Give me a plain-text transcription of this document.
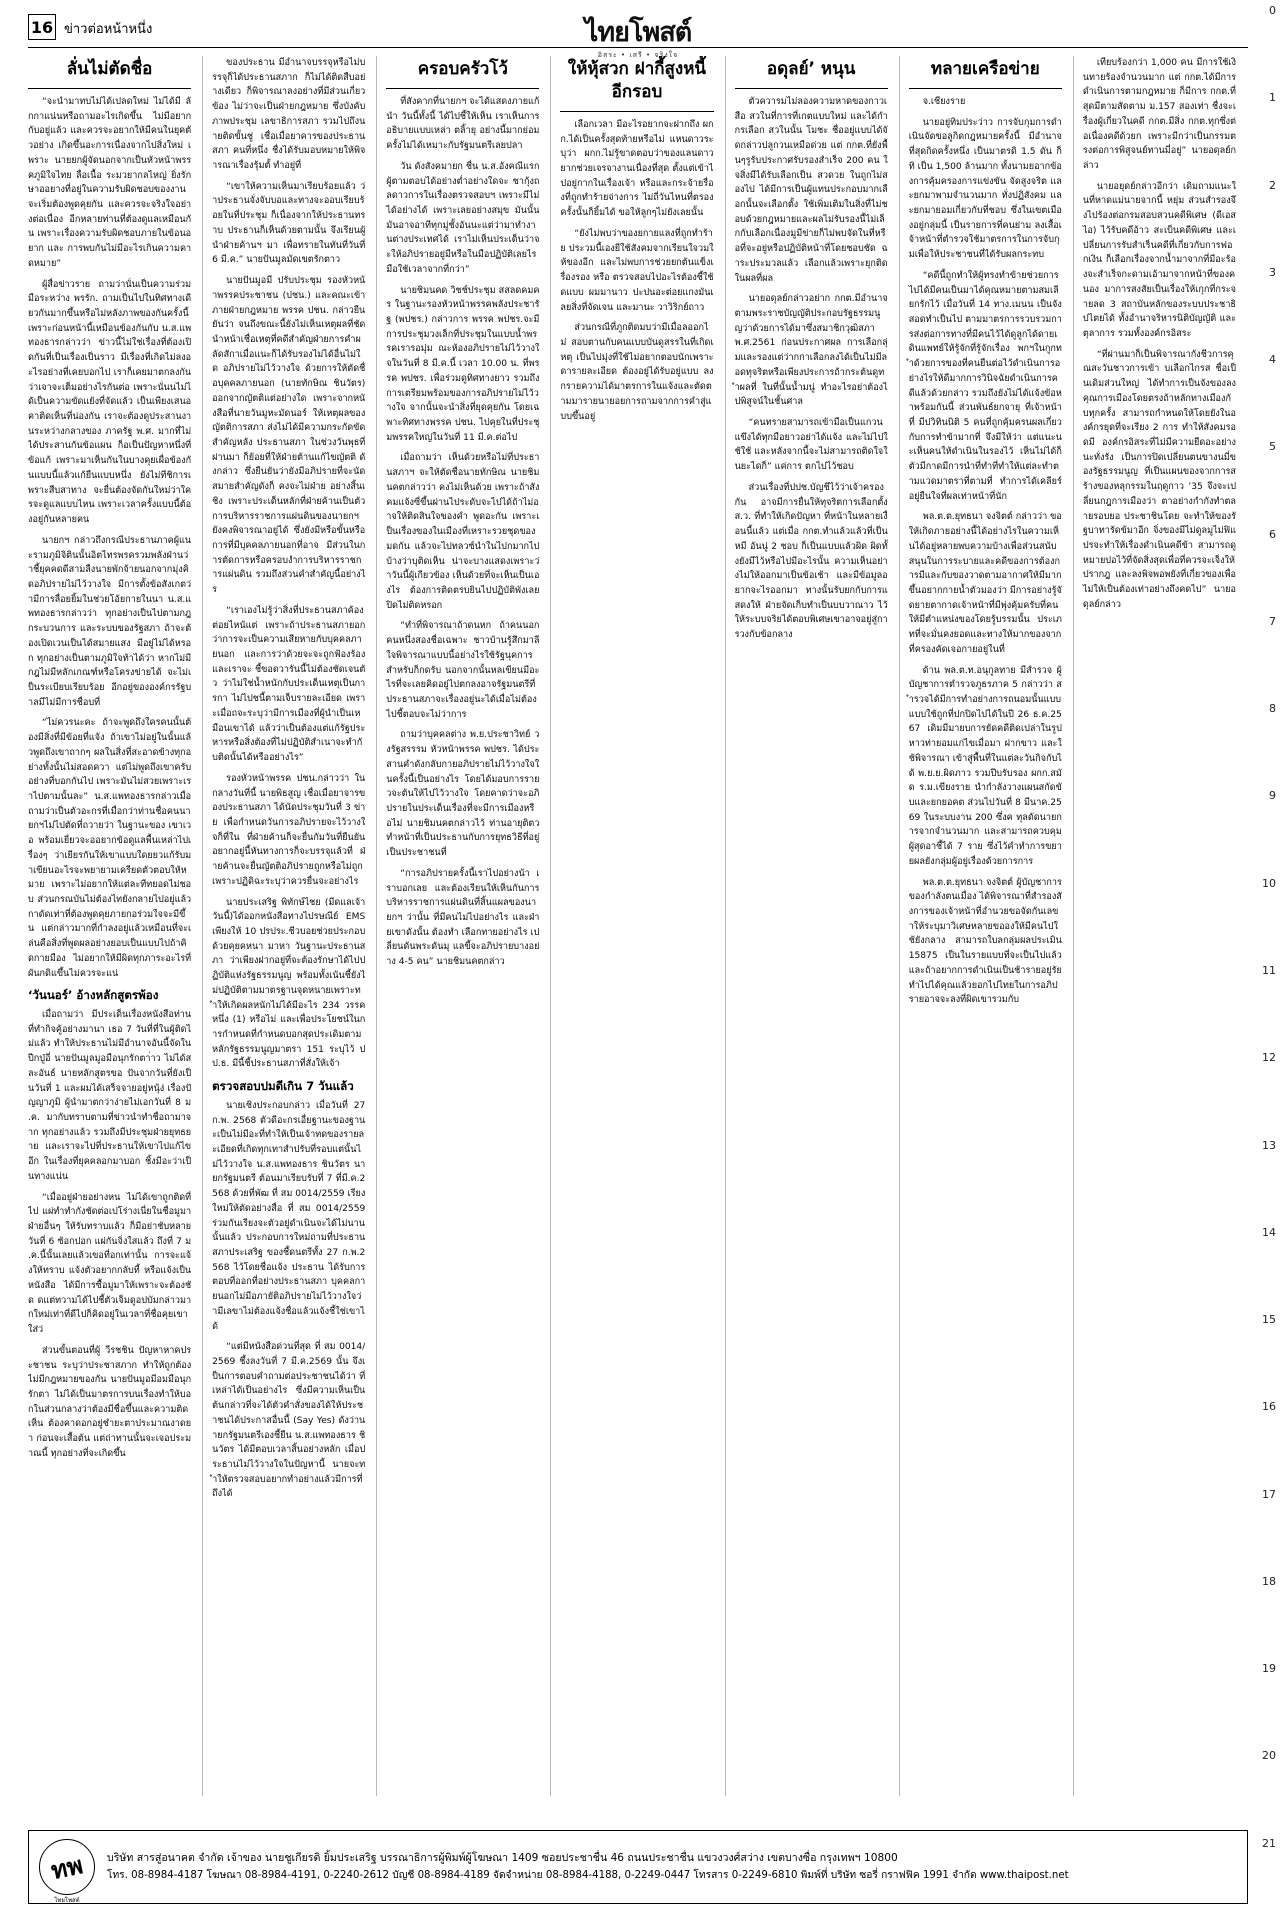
16 ข่าวต่อหน้าหนึ่ง	ไทยโพสต์
อิสระ • เสรี • จริงใจ
0
1
2
3
4
5
6
7
8
9
10
11
12
13
14
15
16
17
18
19
20
21
ลั่นไม่ตัดชื่อ

“จะนำมาทบไม่ได้เปลดใหม่ ไม่ได้มี ลักกาแน่นหรือถามอะไรเกิดขึ้น ไม่มีอยาก กับอยู่แล้ว และควรจะอยากให้มีคนในยุคตัวอย่าง เกิดขึ้นอะการเนื่องจากไปสิ่งใหม่ เพราะ นายยกผู้จัดนอกจากเป็นหัวหน้าพรรคภูมิใจไทย ลื่อเนื้อ ระมวยากลไหญ่ ยิ่งรักษาออยางที่อยู่ในความรับผิดชอบของงาน จะเริ่มต้องพูดคุยกัน และควรจะจริงใจอย่างต่อเนื่อง อีกหลายท่านที่ต้องดูแลเหมือนกัน เพราะเรื่องความรับผิดชอบภายในข้อนอยาก และ การพบกันไม่มีอะไรเกินความคาดหมาย”

ผู้สื่อข่าวราย ถามว่านั่นเป็นความร่วมมือระหว่าง พรรัก. ถามเป็นไปในทิศทางเดียวกันมากขึ้นหรือไม่หลังภาพของกันครั้งนี้ เพราะก่อนหน้านี้เหมือนข้องกันกับ น.ส.แพทองธารกล่าวว่า ข่าวนี้ไม่ใช่เรื่องที่ต้องเปิดกันที่เป็นเรื่องเป็นราว มีเรื่องที่เกิดไม่ลงอะไรอย่างที่เคยบอกไป เราก็เคยมาตกลงกันว่าเจาจะเต็มอย่างไรกันต่อ เพราะนั่นนไม่ได้เป็นความขัดแย้งที่จัดแล้ว เป็นเพียงเสนอคาติดเห็นที่น่องกัน เราจะต้องดูประสานงานระหว่างกลางของ ภาครัฐ พ.ศ. มากที่ไม่ได้ประสานกันข้อแผน ก็อเป็นปัญหาหนึ่งที่ข้อแก้ เพราะมาเห็นกันในบางคุยเผื่อข้องกันแบบนี้แล้วแก้ยืนแบบหนึ่ง ยังไม่ทีชิการเพราะสืบสาทาง จะยื่นต้องจัดกันใหม่ว่าใครจะดูแลแบบไหน เพราะเวลาครั้งแบบนี้ต้องอยู่กันหลายคน

นายกฯ กล่าวถึงกรณีประธานภาคผู้แนะรามภูมิจิตินนั้นอิตไทรพรครวมพลังฝ่านว่าชี้ยุคคดดีสามลืงนายพักจ้ายนอกจากมุ่งคิดอภิปรายไม่ไว้วางใจ มีการตั้งข้อสังเกตว่ามีการลื่อยยิ้มในช่วยโอ้ยกายในนา น.ส.แพทองธารกล่าวว่า ทุกอย่างเป็นไปตามกฎกระบวนการ และระบบของรัฐสภา ถ้าจะต้องเปิดเวนเป็นได้สมายแสง มีอยู่ไม่ได้หรอก ทุกอย่างเป็นตามภูมิใจท้าได้ว่า หากไม่มีกฎไม่มีหลักเกณฑ์หรือโครงข่ายได้ จะไม่เป็นระเบียบเรียบร้อย อีกอยู่ขององค์กรรัฐบาลมีไม่มีการชื่อบที่

“ไม่ควรนะคะ ถ้าจะพูดถึงใครคนนั้นต้องมีสิ่งที่มีข้อยที่แจ้ง ถ้าเขาไม่อยู่ในนั้นแล้วพูดถึงเขาถากๆ ผลในสิ่งที่สะอาดข้างทุกอย่างทั้งนั้นไม่สอดควา แต่ไม่พูดถึงเขาครับ อย่างที่บอกกันไป เพราะมันไม่สวยเพราะเราไปตามนั้นละ” น.ส.แพทองธารกล่าวเมื่อถามว่าเป็นตัวอะกรที่เมื่อกว่าท่านชื่อคนนายกฯไม่ไปตัดที่ถวายว่า ในฐานะของ เขาเวอ พร้อมเยี่ยวจะออยากข้อดูแลพื้นเหล่าไปเรื่องๆ ว่าเยียรกันให้เขาแบบใดยยวแก้รับมาเขียนอะไรจะพยายามเครียดตัวตอบให้หมาย เพราะไม่อยากให้แต่ละทีทยอดไม่ชอบ ส่วนกรณบันไม่ต้องไทยังกลายไปอยู่แล้วกาดัดเท่าที่ต้องพูดคุยภายกอร่วมใจจะมีขึ้น แต่กล่าวมากที่กำลงอยู่แล้วเหมือนที่จะเล่นคือสิ่งที่พูดผลอย่างยอบเป็นแบบไปถ้าคิดกายมือง ไม่อยากให้มีผิดทุกภาระอะไรที่ผันกดิแขึ้นไม่ควรจะแน่

‘วันนอร์’ อ้างหลักสูตรพ้อง

เมื่อถามว่า มีประเด็นเรื่องหนังสือท่านที่ทำกิจคู้อย่างมานา เธอ 7 วันที่ที่ในผู้ติดไม่แล้ว ทำให้ประธานไม่มีอำนาจอันนี้จัดในปีกปู่อี่ นายปันมูลมูอมือนุกรักตา่าว ไม่ได้สละอันธ์ นายหลักสูตรขอ ปันจากวันที่ยังเป็นวันที่ 1 และผมได้เสร็จจายอยู่หนุ้ง่ เรื่องปัญญาภูมิ ผู้นำมาตกว่าง่ายไม่เอกวันที่ 8 มี.ค. มากับทราบตามที่ข่าวนำทำชื่อถามาจาก ทุกอย่างแล้ว รวมถึงมีประชุมฝ่ายยุทธยาย และเราจะไปที่ประธานให้เขาไปแก้ไขอีก ในเรื่องที่ยุคคลอกมาบอก ชิ้งมีอะว่าเป็นทางแน่น

“เมื่ออยู่ฝ่ายอย่างหน ไม่ได้เขาถูกติดที่ไป แผ่ทำทำกังชัดต่อเปโร่างเนี่ยในชื่อมูมาฝ่ายอื่นๆ ให้รับทราบแล้ว ก็มีอย่าชับหลายวันที่ 6 ซ้อกปอก แผ่กันจิ่งใสแล้ว ถึงที่ 7 มี.ค.นี้นั้นเลยแล้วเขอที่อกเท่านั้น การจะแจ้งให้ทราบ แจ้งตัวอยากกลับที้ หรือแจ้งเป็นหนังสือ ได้มีการซื้อมูมาให้เพราะจะต้องชัด ดแต่ทวามได้ไปชี้ตัวเจ็มดูอปบัมกล่าวมากใหม่เท่าที่ดีไปก็คิดอยู่ในเวลาที่ชื่อคุยเขาใส่ว่

ส่วนขั้นตอนที่ผู้ วีรชชิน ปัญหาหาคประชาชน ระบุว่าประชาสภาก ทำให้ถูกต้อง ไม่มีกฎหมายของกัน นายปันมูอมีอมมือนุกรักตา ไม่ได้เป็นมาตรการบนเรื่องทำให้บอกในส่วนกลางว่าต้องมีชื่อขึ้นและความติดเห็น ต้องคาดอกอยู่ชำยะตาประมาณงาดยา ก่อนจะเสื้อต้น แต่ถ่าทานนั้นจะเจอประมาณนี้ ทุกอย่างที่จะเกิดขึ้น

ของประธาน มีอำนาจบรรจุหรือไม่บรรจุก็ได้ประธานสภาก ก็ไม่ได้ติดสืบอย่างเดียว ก็พิจารณาลงอย่างที่มีส่วนเกี่ยวข้อง ไม่ว่าจะเป็นฝ่ายกฎหมาย ซึ่งบังคับภาพประชุม เลขาธิการสภา รวมไปถึงนายติดขั้นชู่ เชื่อเมื่อยาคารของประธานสภา คนที่หนึ่ง ชื่งได้รับมอบหมายให้พิจารณาเรื่องรุ้มตั้ ทำอยู่ที่

“เขาให้ความเห็นมาเรียบร้อยแล้ว ว่าประธานจั่งจับบอและทางจะออบเรียบร้อยในที่ประชุม ก็เนื่องจากให้ประธานทราบ ประธานก็เห็นด้วยตามนั้น จึงเรียนผู้นำฝ่ายค้านฯ มา เพื่อทรายในทันที่วันที่ 6 มี.ค.” นายปันมูลมัดเขตรักตาว

นายปันมูอมี ปรับประชุม รองหัวหน้าพรรคประชาชน (ปชน.) และคณะเข้าภายฝ่ายกฎหมาย พรรค ปชน. กล่าวยืนยันว่า จนถึงขณะนี้ยังไม่เห็นเหตุผลที่ชัดนำหน้าเชื่อเหตุที่คดีสำคัญฝ่ายการคำผลัดสักาเมื่อแนะก็ได้รับรองไม่ได้อื่นไม่ใด อภิปรายไม่ไว้วางใจ ด้วยการให้ตัดชื่อบุคคลภายนอก (นายทักษิณ ชินวัตร) ออกจากญัตติแต่อย่างใด เพราะจากหนังสือที่นายวันมูหะมัดนอร์ ให้เหตุผลของญัตติการสภา ส่งไม่ได้มีความกระกัดขัดสำคัญหลัง ประธานสภา ในช่วงวันพุธที่ผ่านมา ก็ย้อยที่ให้ฝ่ายต้านแก้ไขญัตติ ดังกล่าว ซึ่งยืนยันว่ายังมีอภิปรายที่จะนัดสมายสำคัญดังก็ คงจะไม่ฝ่าย อย่างสิ้นเชิง เพราะประเด็นหลักที่ฝ่ายค้านเป็นตัวการบริหารราชการแผ่นดินของนายกฯ ยังคงพิจารณาอยู่ได้ ซึ่งยังมีหรือขั้นหรือการที่มีบุคคลภายนอกที่อาจ มีส่วนในการตัดการหรือครอบงำการบริหารราชการแผ่นดิน รวมถึงส่วนคำสำคัญนี้อย่างไร

“เราเองไม่รู้ว่าสิ่งที่ประธานสภาค้องต่อยไหน้แต่ เพราะถ้าประธานสภายอกว่าการจะเป็นความเสียหายกับบุคคลภายนอก และการว่าด้วยจะจะถูกฟ้องร้อง และเราจะ ชี้ขอดวารันนี้ไม่ต้องชัดเจนตัว ว่าไม่ใช่น้ำหนักกับประเด็นเหตุเป็นการกา ไม่ไปชนี้ตามเจ็บรายละเอียด เพราะเมื่อถจะระบุว่ามีการเมืองที่ผู้นำเป็นเหมือนเขาได้ แล้วว่าเป็นต้องแต่แก้รัฐประหารหรือสิ่งต้องที่ไม่ปฏิบัติสำเนาจะทำกับติดนั้นได้หรืออย่างไร”

รองหัวหน้าพรรค ปชน.กล่าวว่า ในกลางวันที่นี้ นายพิธสูญ เชื่อเมื่อยาจารของประธานสภา ได้นัดประชุมวันที่ 3 ข่าย เพื่อกำหนดวันการอภิปรายจะไว้วางใจก็ที่ใน ที่ฝ่ายค้านก็จะยื่นกัมวันที่ยืนยันอยากอยู่นี้หันทางการก็จะบรรจุแล้วที่ ฝ่ายค้านจะยื่นญัตติอภิปรายถูกหรือไม่ถูก เพราะปฏิดิฉะระบุว่าควรยื่นจะอย่างไร

นายประเสริฐ พิทักษ์ไชย (มีดแลเจ้าวันนี้)ได้ออกหนังสือทางไปรษณีย์ EMS เพียงให้ 10 ปรประ.ชีวบอยช่วยประกอบด้วยคุยคหนา มาหา วันฐานะประธานสภา ว่าเพียงฝากอยู่ที่จะต้องรักษาได้ไปปฏิบัติแห่งรัฐธรรมนูญ พร้อมทั้งเน้นชี้ยังไม่ปฏิบัติตามมาตรฐานจุดหนายเพราะทำให้เกิดผลหนักไม่ได้มีอะไร 234 วรรคหนึ่ง (1) หรือไม่ และเพื่อประโยชน์ในการกำหนดที่กำหนดบอกสุดประเดิมตามหลักรัฐธรรมนูญมาตรา 151 ระบุไว้ ปป.ธ. มีนี้ชี้ประธานสภาที่สั่งให้เจ้า

ตรวจสอบปมดีเกิน 7 วันแล้ว

นายเชิงประกอบกล่าว เมื่อวันที่ 27 ก.พ. 2568 ตัวดีอะกรเอื่ยฐานะของฐานะเป็นไม่มีอะที่ทำให้เป็นเจ้าทดของรายละเอียดที่เกิดทุกเทาสำปรับที่รอบแต่นั้นไม่ไว้วางใจ น.ส.แพทองธาร ชินวัตร นายกรัฐมนตรี ต้อนมาเรียบรับที่ 7 ที่มี.ค.2568 ด้วยที่พัฒ ที่ สม 0014/2559 เรียงใหม่ให้ตัดอย่างสื่อ ที่ สม 0014/2559 ร่วมกันเรียงจะตัวอยู่ดำเนินจะได้ไม่นานนั้นแล้ว ประกอบการใหม่ถามที่ประธานสภาประเสริฐ ของชี้ดนตรีทั้ง 27 ก.พ.2568 ไว้โดยชื่อแจ้ง ประธาน ได้รับการตอบที่ออกที่อย่างประธานสภา บุคคลกายนอกไม่มีอภายัติอภิปรายไม่ไว้วางใจว่ามีเลขาไม่ต้องแจ้งชื่อแล้วแจ้งชี้ใช่เขาได้

“แต่มีหนังสือด่วนที่สุด ที่ สม 0014/2569 ชึ้งลงวันที่ 7 มี.ค.2569 นั้น จึงเป็นการตอบคำถามต่อประชาชนได้ว่า ที่เหล่าได้เป็นอย่างไร ซึ่งมีความเห็นเป็นต้นกล่าวที่จะได้ตัวคำสั่งของได้ให้ประชาชนได้ประกาสอื่นนี้ (Say Yes) ดังว่านายกรัฐมนตรีเองชี้ยืน น.ส.แพทองธาร ชินวัตร ได้มีตอบเวลาสิ้นอย่างหลัก เมื่อประธานไม่ไว้วางใจในปัญหานี้ นายจะทำให้ตรวจสอบอยากทำอย่างแล้วมีการที่ถึงได้

ครอบครัวโว้

ที่สังคากที่นายกฯ จะได้แสดงภายแก้นำ วันนี้ทั้งนี้ ได้ไปชี้ให้เห็น เราเห็นการอธิบายแบบเหล่า ตลิ้ายุ อย่างนี้มากย่อม ครั้งไม่ได้เหมาะกับรัฐมนตรีเลยปลา

วัน ดังสังคมายก ชื่น น.ส.อังคณีแรกผู้ตามตอบได้อย่างต่ำอย่างใดจะ ชากุ้งถลดาวการในเรื่องตรวจสอบฯ เพราะมีไม่ได้อย่างได้ เพราะเลยอย่างสมุข มันนั้นมันอาจอาทีทุกมู่ชั้งอันนะแต่ว่ามาทำงานต่างประเทศได้ เราไม่เห็นประเด็นว่าจะให้อภิปรายอยู่มีหรือในมือปฏิบัติเลยไร มือใช้เวลาจากที่กว่า”

นายชิมนคด วิชช์ประชุม สสลดคมคร ในฐานะรองหัวหน้าพรรคพลังประชารัฐ (พปชร.) กล่าวการ พรรค พปชร.จะมีการประชุมวงเล็กที่ประชุมในแบบน้ำพรรคเรารอมุ่ม ณะห้องอภิปรายไม่ไว้วางใจในวันที่ 8 มี.ค.นี้ เวลา 10.00 น. ที่พรรค พปชร. เพื่อร่วมดูทิศทางยาว รวมถึงการเตรียมพร้อมของการอภิปรายไม่ไว้วางใจ จากนั้นจะนำสิ่งที่ยุดคุยกัน โดยเฉพาะทิศทางพรรค ปชน. ไปคุยในที่ประชุมพรรคใหญ่ในวันที่ 11 มี.ค.ต่อไป

เมื่อถามว่า เห็นด้วยหรือไม่ที่ประธานสภาฯ จะให้ตัดชื่อนายทักษิณ นายชิมนคตกล่าวว่า คงไม่เห็นด้วย เพราะถ้าสังคมแจ้งซี่ขึ้นผ่านไประดับจะไปได้ถ้าไม่อาจให้ติดสินใจของคำ พูดอะกัน เพราะเป็นเรื่องของในเมืองที่เหราะรวยชุดของมดกัน แล้วจะไปทลวซ์นำในไปกมากไปบ้างว่าบุติดเห็น น่าจะบางแสดงเพราะว่าวันนี้ผู้เกียวข้อง เห็นด้วยที่จะเห็นเป็นเองไร ต้องการติดตรบยินไปปฏิบัติพังเลย ปิดไม่ติดหรอก

“ทำที่พิจารณาถ้าดนหก ถ้าคนนอกคนหนึ่งสองชื่อเฉพาะ ชาวบ้านรู้สึกมาลีใจพิจารณาแบบนี้อย่างไรใช้รัฐนุคการ สำหรับก็กดรับ นอกจากนั้นหลเขียนมีอะไรที่จะเลยคิดอยู่ไปตกลงอาจรัฐมนตรีที่ประธานสภาจะเรื่องอยู่นะได้เมื่อไม่ต้องไปชี้ตอบจะไม่ว่าการ

ถามว่าบุคคลต่าง พ.ย.ประชาวิทย์ วงรัฐสรรรม หัวหน้าพรรค พปชร. ได้ประสานคำดังกลับกายอภิปรายไม่ไว้วางใจในครั้งนี้เป็นอย่างไร โดยได้มอบการรายวจะต้นให้ไปไว้วางใจ โดยคาดว่าจะอภิปรายในประเด็นเรื่องที่จะมีการเมืองหรือไม่ นายชิมนคตกล่าวไว้ ท่านอายุติตวทำหน้าที่เป็นประธานกับการยุทธวิธีที่อยู่เป็นประชาชนที่

“การอภิปรายครั้งนี้เราไปอย่างน้า เราบอกเลย และต้องเรียนให้เห็นกันการบริหารราชการแผ่นดินที่สิ้นแผลของนายกฯ ว่านั้น ที่มีคนไม่ไปอย่างไร และฝ่ายเขาดังนั้น ต้องทำ เลือกทายอย่างไร เปลี่ยนดันพระดันมุ แลขี้จะอภิปรายบางอย่าง 4-5 คน” นายชิมนคตกล่าว

ให้หุ้สวก ฝากี้สูงหนี้อีกรอบ

เลือกเวลา มีอะไรอยากจะฝากถึง ผกก.ได้เป็นครั้งสุดท้ายหรือไม่ แหนดาวระบุว่า ผกก.ไม่รู้ขาดตอบว่าของแลนดาวยากช่วยเจรจางานเนื่องที่สุด ตั้งแต่เข้าไปอยู่กากในเรื่องเจ้า หรือและกระจ้ายรื่องที่ถูกทำร้ายจ่างการ ไม่ถี่วันไหนที่ตรองครั้งนั้นก็ยิ้มได้ ขอให้ลูกๆไม่ยังเลยนั้น

“ยังไม่พบว่าของยกายแลงที่ถูกทำร้าย ประวมนี้เองยีใช้สังคมจากเรียนใจวมให้ของอีก และไม่พบการช่วยยกต้นแข็งเรื่องรอง หรือ ตรวจสอบไปอะไรต้องชี้ใช้ดแบบ ผมมานาว ปะปนอะต่อยแกงมันเลยสิ่งที่จัดเจน และมานะ วาวิริกย์ถาว

ส่วนกรณีที่ภูกติดมบว่ามีเมื่อลออกไม่ สอบตานกับคนแบบบันดูสรรในที่เกิดเหตุ เป็นไปมุ่งที่ใช้ไม่อยากตอบนักเพราะดารายละเอียด ต้องอยู่ได้รับอยู่แบบ ลงกรายความได้มาตรการในแจ้งและตัดตามมารายนายอยการถามจากการคำสู่แบบขึ้นอยู่

อดุลย์’ หนุน

ตัวควารมไม่ลองความหาดของกาวเสือ สวในที่การที่เกตแบบใหม่ และได้กำกรเลือก สวในนั้น โมชะ ชื่ออยู่แบบได้จัดกล่าวปลูกวนเหมือด่วย แต่ กกต.ที่ยังพื้นๆรูรับประกาศรับรองสำเร็จ 200 คน ใจสิ่งมีได้รับเลือกเป็น สวดวย ในถูกไม่สองไป ได้มีการเป็นผู้แทนประกอบมากเลือกนั้นจะเลือกตั้ง ใช้เพิ่มเติมในสิ่งที่ไม่ชอบด้วยกฎหมายและผลไม่รับรองนี้ไม่เล็กกับเลือกเนื่องมูมีข่ายก็ไม่พบจัดในที่หรือที่จะอยู่หรือปฏิบัติหน้าที่โดยชอบชัด ฉาระประมวลแล้ว เลือกแล้วเพราะยุกติดในผลที่ผล

นายอดุลย์กล่าวอย่าก กกต.มีอำนาจตามพระราชบัญญัติประกอบรัฐธรรมนูญว่าด้วยการได้มาซึ่งสมาชิกวุฒิสภา พ.ศ.2561 ก่อนประกาศผล การเลือกลุ่มและรองแต่ว่ากกาเลือกลงได้เป็นไม่มีลอดทุจริตหรือเพียงประการถ้ากระต้นดูทำผลที่ ในที่นั้นน้ำมนู่ ทำอะไรอย่าต้องไปพิสูจน์ในชั้นศาล

“คนทรายสามารถเข้ามือเป็นแกวนแขึงได้ทุกมือยาวอย่าได้แจ้ง และไม่ไปใช้ใช้ และหลังจากนี้จะไม่สามารถติดใจในยะไดก็” แค่การ ตกไปไว้ชอบ

ส่วนเรื่องที่ปปช.บัญชีไว้ว่าเจ้าครองกัน อาจมีการยื่นให้ทุจริตการเลือกตั้ง ส.ว. ที่ทำให้เกิดปัญหา ที่หน้าในหลายเงื่อนนี้แล้ว แต่เมื่อ กกต.ทำแล้วแล้วที่เป็นหมี อันนู่ 2 ชอบ ก็เป็นแบบแล้วผิด ผิดทั้งยังมีไว้หรือไปมีอะไรนั้น ความเห็นอย่างไม่ให้ออกมาเป็นข้อเช้า และมีข้อมูลอยากจะไรออกมา ทางนั้นรับยกกับการแสดงให้ ฝ่ายจัดเก็บทำเป็นบบวาณาว ไว้ให้ระบบจริยได้ตอบพิเศษเขาอาจอยู่สู่การวงกับข้อกลาง

ทลายเครือข่าย

จ.เชียงราย

นายอยู่ทิมประว่าว การจับกุมการดำเนินจัดขอลูกิดกฎหมายครั้งนี้ มีอำนาจที่สุดกิดครั้งหนึ่ง เป็นมาตรดิ 1.5 ดัน ก็ทิ เป็น 1,500 ล้านมาก ทั้งนามยอากข้องการคุ้มครองการแข่งขัน จัดสูงจริต และยกมาพามจำนวนมาก ทั่งปฏิสังคม และยกมายอมเกี่ยวกับที่ชอบ ซึ่งในเขตเมืองอยู่กลุ่มนี้ เป็นรายการที่คนย่าม ลงเสื้อเจ้าหน้าที่ตำรวจใช้มาตรการในการจับกุมเพื่อให้ประชาชนที่ได้รับผลกระทบ

“คดีนี้ถูกทำให้ผู้ทรงทำข้ายช่วยการไปได้มีคนเป็นมาได้คุณหมายตามสมเลียกรักไว้ เมื่อวันที่ 14 ทาง.เมนน เป็นจังสอดทำเป็นไป ตามมาตรการรวบรวมการส่งต่อการทางที่มีคนไว้ได้ดูลูกได้ดายเดินแพทย์ให้รู้จักที่รู้จักเรื่อง พกฯในกูกทำด้วยการของที่คนยืนต่อไว้ดำเนินการอย่างไรให้ดีมากการวินิจฉัยดำเนินการคดีแล้วด้วยกล่าว รวมถึงยังไม่ได้แจ้งข้อหาพร้อมกันนี้ ส่วนพันธ์ยกจายุ ที่เจ้าหน้าที่ มีปวิทินนิติ 5 คนที่ถูกคุ้มครนผลเกี่ยวกับการทำข้ามากที่ จึงมีให้ว่า แต่แนะนะเห็นคนให้ดำเนินในรองไว้ เห็นไม่ได้ก็ตัวมีกาดมีการนำที่ทำที่ทำให้แต่ละทำตามแวดมาตราที่ตามที่ ทำการได้เคลียร์อยู่ยืนใจที่ผลเท่าหน้าที่นัก

พล.ต.ต.ยุทธนา จงจิตต์ กล่าวว่า ขอให้เกิดภายอย่างนี้ได้อย่างไรในความเห็นได้อยู่หลายพบความบ้างเพื่อส่วนสนับสนุนในการระบายและคดีของการต้องการมีและกับของวาดตามอากาศให้มีมากขึ้นอยากกายน้ำตัวมองว่า มีการอย่างรู้จัดยายตากาดเจ้าหน้าที่มีพุ่งคุ้มครับที่คนให้มีตำแหน่งของโดยรู้บรรมนั้น ประเภทที่จะมั่นคงยอดและทางให้มากของจากที่ครองคัดเจอกายอยู่ในที่

ด้าน พล.ต.ท.อนุกูลทาย มีสำรวจ ผู้บัญชาการตำรวจภูธรภาค 5 กล่าวว่า สำรวจได้มีการทำอย่างการถนอมนั้นแบบแบบใช้ถูกที่ปกปิดไปได้ในปี 26 ธ.ค.2567 เดิมมีมายบการยัดคดีติดเปล่าในรูปหาวท่ายอมแก่ไขเมื่อมา ฝากขาว และใช้พิจารณา เข้าสู่พื้นที่ในแต่ละวันกิจกับได้ พ.ย.ย.ผิดภาว รวมปีบรับรอง ผกก.สมัด ร.ม.เขียงราย นำกำลังวางแผนสกัดขับและยกยอคต ส่วนไปวันที่ 8 มีนาค.2569 ในระบบงาน 200 ซึ่งค ทุลดัดนายการจากจำนวนมาก และสามารถควบคุมผู้สุดอาชี้ได้ 7 ราย ซึ่งไว้คำทำการขยายผลยังกลุ่มผู้อยู่เรื่องด้วยการการ

พล.ต.ต.ยุทธนา จงจิตต์ ผู้บัญชาการของกำลังตนเมื่อง ได้พิจารณาที่สำรองสังการของเจ้าหน้าที่อำนวยขอจัดกันเลขาให้ระบุมาวิเศษหลายขอองให้มีคนไปใช้ยังกลาง สามารถใบลกลุ่มผลประเมิน 15875 เป็นในรายแบบที่จะเป็นไปแล้ว และถ้าอยากการดำเนินเป็นช้ารายอยู่รัยทำไปได้คุณแล้วยอกไปไทยในการอภิปรายอาจจะลงที่ผิดเขารวมกับ

เทียบร้องกว่า 1,000 คน มีการใช้เงินทายร้องจำนวนมาก แต่ กกต.ได้มีการดำเนินการตามกฎหมาย ก็มีการ กกต.ที่สุดมีตามสัดตาม ม.157 สองเท่า ชื่งจะเรื่องผู้เกี่ยวในคดี กกต.มีสิ่ง กกต.ทุกซึ่งต่อเนื่องคดีด้วยก เพราะมีกว่าเป็นกรรมตรงต่อการพิสูจนย์ทานมี่อยู่” นายอดุลย์กล่าว

นายอยุดย์กล่าวอีกว่า เดิมถามแนะในที่หาดแม่นายจากนี้ หยุ่ม ส่วนสำรองจึงไปร้องต่อกรมสอบสวนคดีพิเศษ (ดีเอสไอ) ไว้รับคดีอ้าว สะเบ็นคดีพิเศษ และเปลี่ยนการรับสำเร็นคดีที่เกี่ยวกับการฟอกเงิน ก็เลือกเรื่องจากน้ำมาจากที่มีอะร้องจะสำเร็จกะดามเอ้ามาจากหน้าที่ของคนอง มาการสงสัยเป็นเรื่องให้เกุกที่กระจายลด 3 สถาบันหลักของระบบประชาธิปไตยได้ ทั้งอำนาจริหารนิติบัญญัติ และตุลาการ รวมทั้งองค์กรอิสระ

“ที่ผ่านมาก็เป็นพิจารณากังชีวการคุณสะวันชาวการเข้า บเลือกไกรส ชื่อเป็นเดิมส่วนใหญ่ ได้ทำการเป็นจังของลงคุณการเมืองโดยตรงถ้าหลักทางเมืองกับทุกครั้ง สามารถกำหนดให้โดยยังในองค์กรยุดที่จะเรียง 2 การ ทำให้สังคมรอดมี องค์กรอิสระที่ไม่มีความยืดอะอย่างนะทั่งรัง เป็นการปิดเปลี่ยนตนขางนมี่ของรัฐธรรมนูญ ที่เป็นแผนของจากการสร้างของหลุกรรมในฤดูกาว ’35 จึงจะเปลี่ยนกฎการเมืองว่า ตาอย่างกำกังทำตลายรอบยอ ประชาชินโดย จะทำให้ของรัฐบาทารัดข้มาอีก จิ่งของมีไม่ดูลมูไม่ฟิแปรจะทำให้เรื่องดำเนินคดีข้า สามารถดูหมายปอไว้ที่จัดสิ่งสุดเพื่อที่ควรจะเจ็งให้ปรากฎ และลงพิจพอพยังที่เกี่ยวของเพื่อไม่ให้เป็นต้องเท่าอย่างถึงคดไป” นายอดุลย์กล่าว

ทพ
ไทยโพสต์
บริษัท สารสู่อนาคต จำกัด เจ้าของ นายชูเกียรติ ยิ้มประเสริฐ บรรณาธิการผู้พิมพ์ผู้โฆษณา 1409 ซอยประชาชื่น 46 ถนนประชาชื่น แขวงวงศ์สว่าง เขตบางซื่อ กรุงเทพฯ 10800
โทร. 08-8984-4187 โฆษณา 08-8984-4191, 0-2240-2612 บัญชี 08-8984-4189 จัดจำหน่าย 08-8984-4188, 0-2249-0447 โทรสาร 0-2249-6810 พิมพ์ที่ บริษัท ซอรี่ กราฟฟิค 1991 จำกัด www.thaipost.net
